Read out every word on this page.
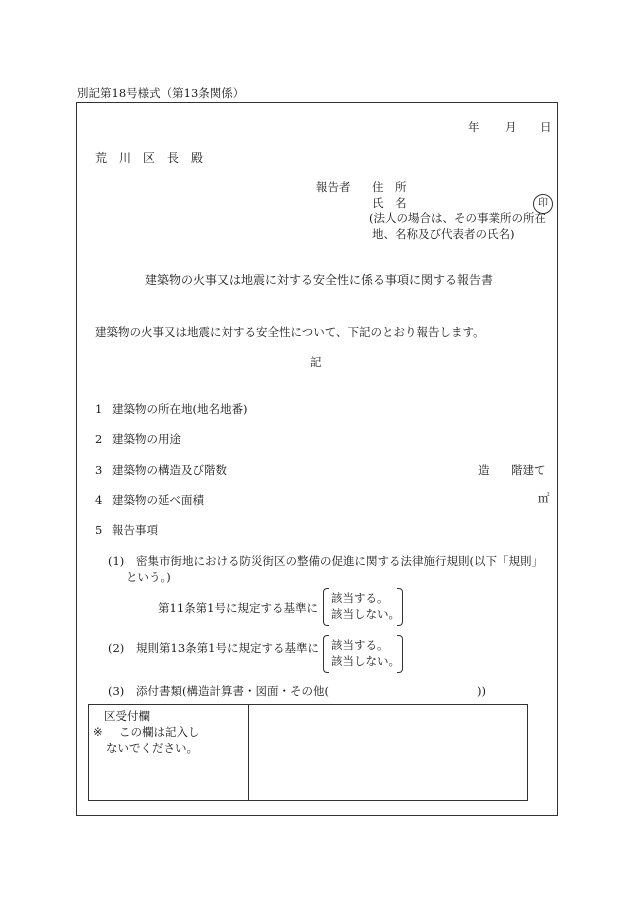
別記第18号様式（第13条関係）
年 月 日
荒　川　区　長　殿
報告者 住　所
氏　名	印
(法人の場合は、その事業所の所在
地、名称及び代表者の氏名)
建築物の火事又は地震に対する安全性に係る事項に関する報告書
建築物の火事又は地震に対する安全性について、下記のとおり報告します。
記
1 建築物の所在地(地名地番)
2 建築物の用途
3 建築物の構造及び階数	造 階建て
4 建築物の延べ面積	㎡
5 報告事項
(1) 密集市街地における防災街区の整備の促進に関する法律施行規則(以下「規則」
という。)
第11条第1号に規定する基準に
該当する。
該当しない。
(2) 規則第13条第1号に規定する基準に 該当する。
該当しない。
(3) 添付書類(構造計算書・図面・その他(	))
区受付欄
※ この欄は記入し
ないでください。
